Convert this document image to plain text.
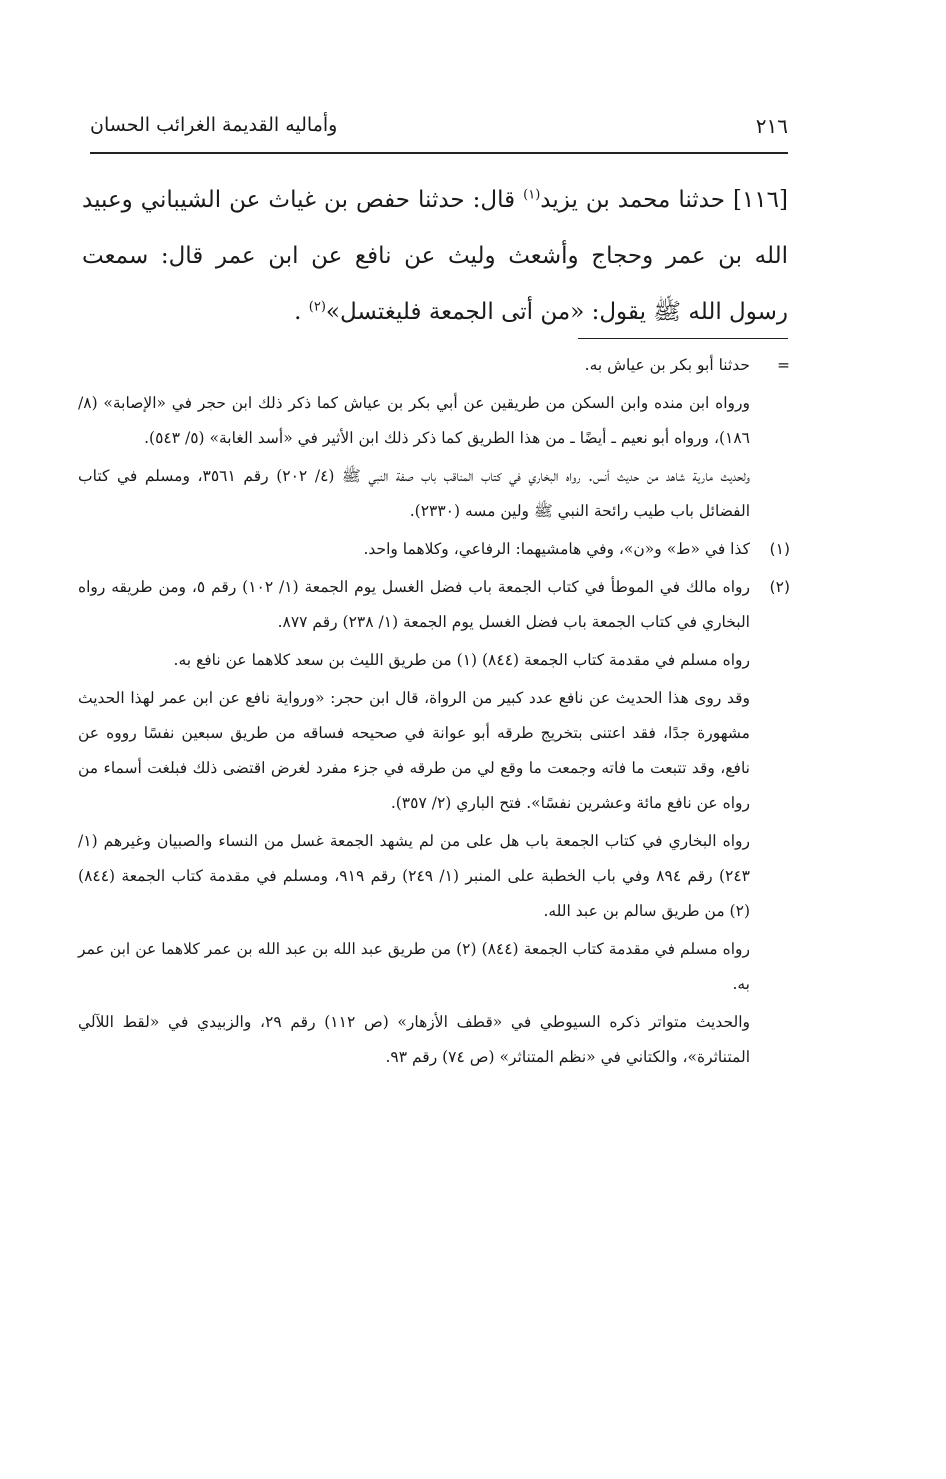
٢١٦
وأماليه القديمة الغرائب الحسان
[١١٦] حدثنا محمد بن يزيد$^{(١)}$ قال: حدثنا حفص بن غياث عن الشيباني وعبيد الله بن عمر وحجاج وأشعث وليث عن نافع عن ابن عمر قال: سمعت رسول الله ﷺ يقول: «من أتى الجمعة فليغتسل»$^{(٢)}$ .
=

حدثنا أبو بكر بن عياش به.

ورواه ابن منده وابن السكن من طريقين عن أبي بكر بن عياش كما ذكر ذلك ابن حجر في «الإصابة» (٨/ ١٨٦)، ورواه أبو نعيم ـ أيضًا ـ من هذا الطريق كما ذكر ذلك ابن الأثير في «أسد الغابة» (٥/ ٥٤٣).

ولحديث مارية شاهد من حديث أنس. رواه البخاري في كتاب المناقب باب صفة النبي ﷺ (٤/ ٢٠٢) رقم ٣٥٦١، ومسلم في كتاب الفضائل باب طيب رائحة النبي ﷺ ولين مسه (٢٣٣٠).

(١)

كذا في «ط» و«ن»، وفي هامشيهما: الرفاعي، وكلاهما واحد.

(٢)

رواه مالك في الموطأ في كتاب الجمعة باب فضل الغسل يوم الجمعة (١/ ١٠٢) رقم ٥، ومن طريقه رواه البخاري في كتاب الجمعة باب فضل الغسل يوم الجمعة (١/ ٢٣٨) رقم ٨٧٧.

رواه مسلم في مقدمة كتاب الجمعة (٨٤٤) (١) من طريق الليث بن سعد كلاهما عن نافع به.

وقد روى هذا الحديث عن نافع عدد كبير من الرواة، قال ابن حجر: «ورواية نافع عن ابن عمر لهذا الحديث مشهورة جدًا، فقد اعتنى بتخريج طرقه أبو عوانة في صحيحه فساقه من طريق سبعين نفسًا رووه عن نافع، وقد تتبعت ما فاته وجمعت ما وقع لي من طرقه في جزء مفرد لغرض اقتضى ذلك فبلغت أسماء من رواه عن نافع مائة وعشرين نفسًا». فتح الباري (٢/ ٣٥٧).

رواه البخاري في كتاب الجمعة باب هل على من لم يشهد الجمعة غسل من النساء والصبيان وغيرهم (١/ ٢٤٣) رقم ٨٩٤ وفي باب الخطبة على المنبر (١/ ٢٤٩) رقم ٩١٩، ومسلم في مقدمة كتاب الجمعة (٨٤٤) (٢) من طريق سالم بن عبد الله.

رواه مسلم في مقدمة كتاب الجمعة (٨٤٤) (٢) من طريق عبد الله بن عبد الله بن عمر كلاهما عن ابن عمر به.

والحديث متواتر ذكره السيوطي في «قطف الأزهار» (ص ١١٢) رقم ٢٩، والزبيدي في «لقط اللآلي المتناثرة»، والكتاني في «نظم المتناثر» (ص ٧٤) رقم ٩٣.
